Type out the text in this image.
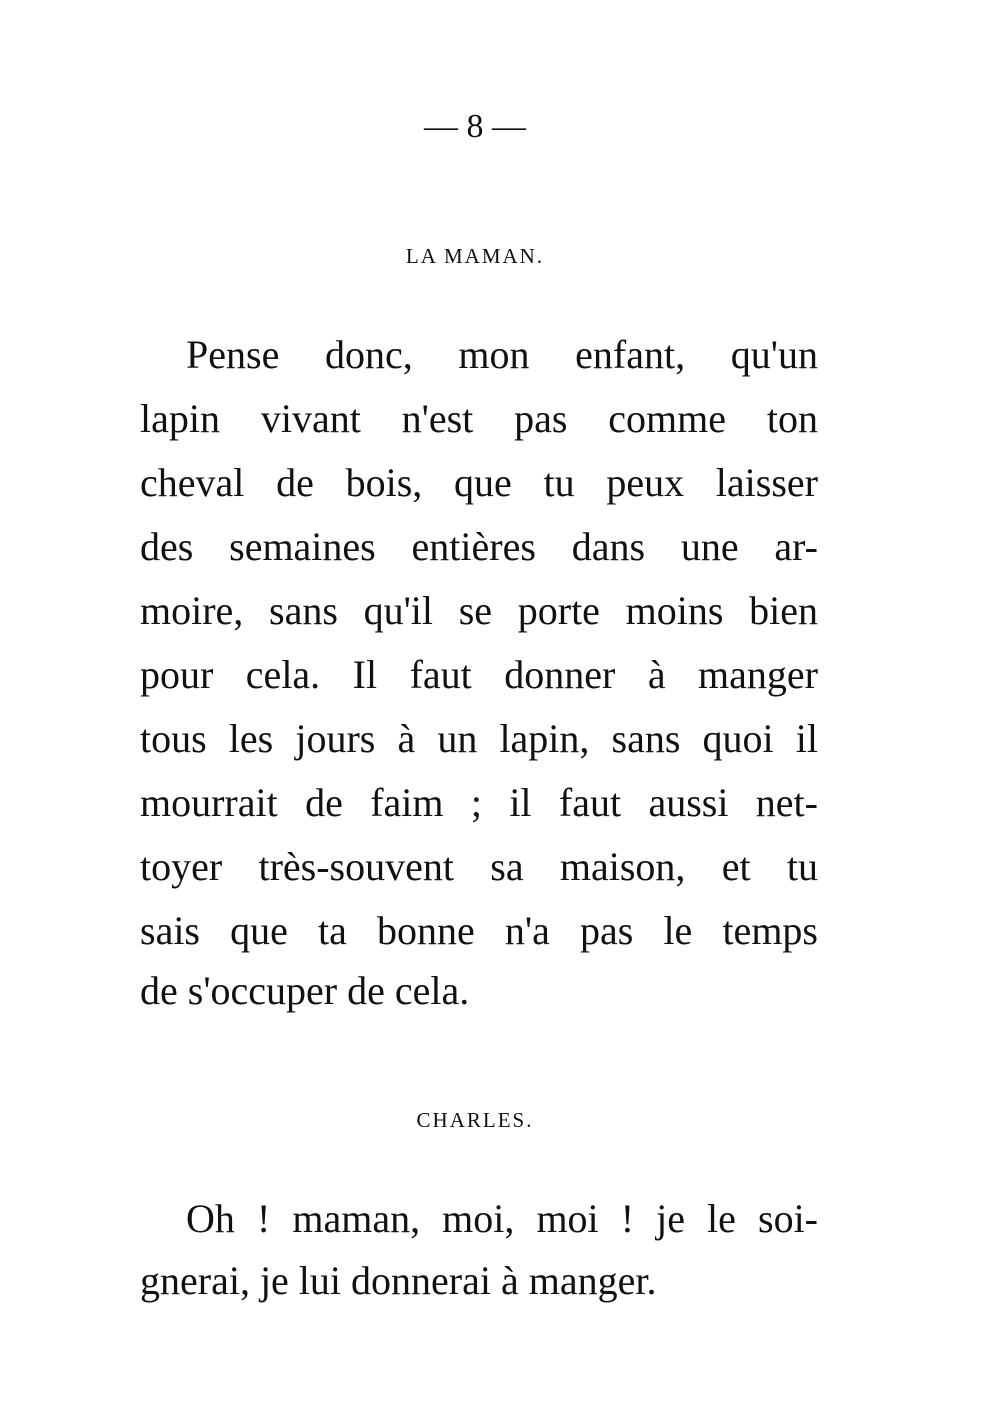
— 8 —
LA MAMAN.
Pense donc, mon enfant, qu'un
lapin vivant n'est pas comme ton
cheval de bois, que tu peux laisser
des semaines entières dans une ar-
moire, sans qu'il se porte moins bien
pour cela. Il faut donner à manger
tous les jours à un lapin, sans quoi il
mourrait de faim ; il faut aussi net-
toyer très-souvent sa maison, et tu
sais que ta bonne n'a pas le temps
de s'occuper de cela.
CHARLES.
Oh ! maman, moi, moi ! je le soi-
gnerai, je lui donnerai à manger.
